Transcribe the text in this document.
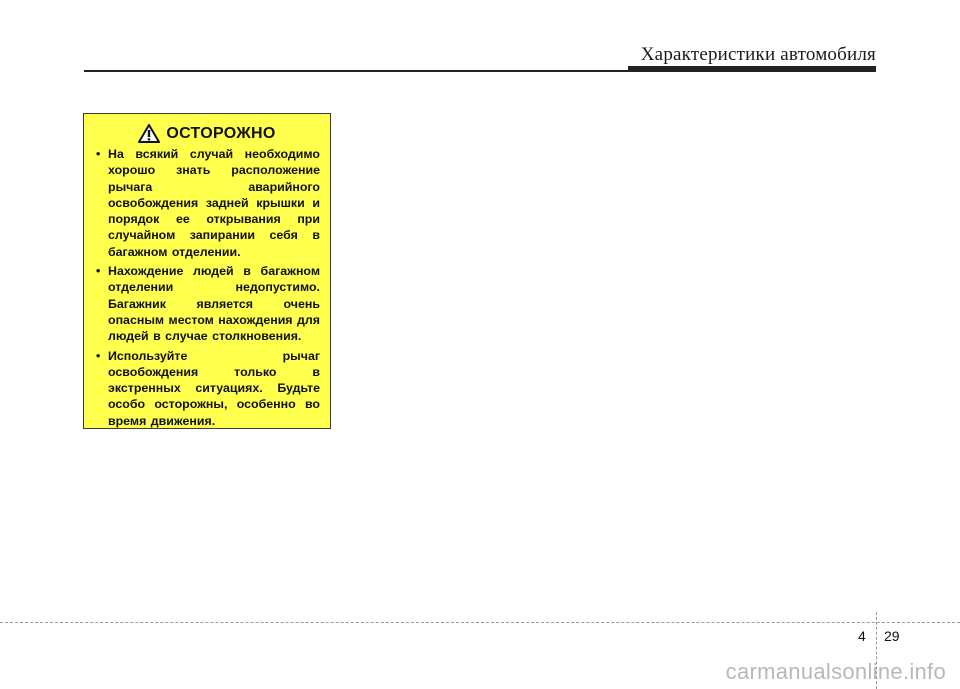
Характеристики автомобиля
ОСТОРОЖНО
• На всякий случай необходимо хорошо знать расположение рычага аварийного освобождения задней крышки и порядок ее открывания при случайном запирании себя в багажном отделении.
• Нахождение людей в багажном отделении недопустимо. Багажник является очень опасным местом нахождения для людей в случае столкновения.
• Используйте рычаг освобождения только в экстренных ситуациях. Будьте особо осторожны, особенно во время движения.
4 29
carmanualsonline.info
